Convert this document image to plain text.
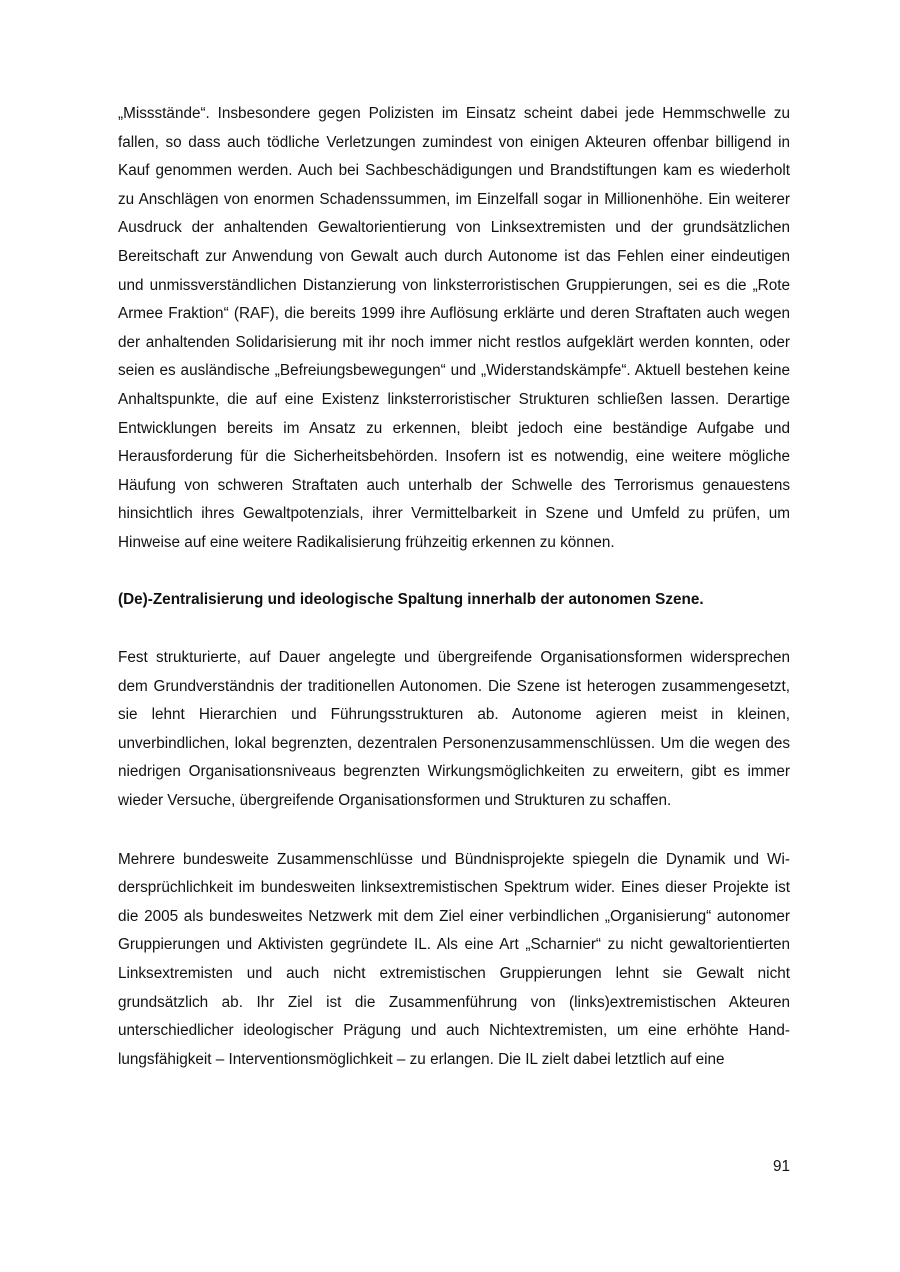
„Missstände“. Insbesondere gegen Polizisten im Einsatz scheint dabei jede Hemmschwelle zu fallen, so dass auch tödliche Verletzungen zumindest von einigen Akteuren offenbar billigend in Kauf genommen werden. Auch bei Sachbeschädigungen und Brandstiftungen kam es wiederholt zu Anschlägen von enormen Schadenssummen, im Einzelfall sogar in Millionenhöhe. Ein weiterer Ausdruck der anhaltenden Gewaltorientierung von Linksextremisten und der grundsätzlichen Bereitschaft zur Anwendung von Gewalt auch durch Autonome ist das Fehlen einer eindeutigen und unmissverständlichen Distanzierung von linksterroristischen Gruppierungen, sei es die „Rote Armee Fraktion“ (RAF), die bereits 1999 ihre Auflösung erklärte und deren Straftaten auch wegen der anhaltenden Solidarisierung mit ihr noch immer nicht restlos aufgeklärt werden konnten, oder seien es ausländische „Befreiungsbewegungen“ und „Widerstandskämpfe“. Aktuell bestehen keine Anhaltspunkte, die auf eine Existenz linksterroristischer Strukturen schließen lassen. Derartige Entwicklungen bereits im Ansatz zu erkennen, bleibt jedoch eine beständige Aufgabe und Herausforderung für die Sicherheitsbehörden. Insofern ist es notwendig, eine weitere mögliche Häufung von schweren Straftaten auch unterhalb der Schwelle des Terrorismus genauestens hinsichtlich ihres Gewaltpotenzials, ihrer Vermittelbarkeit in Szene und Umfeld zu prüfen, um Hinweise auf eine weitere Radikalisierung frühzeitig erkennen zu können.

(De)-Zentralisierung und ideologische Spaltung innerhalb der autonomen Szene.

Fest strukturierte, auf Dauer angelegte und übergreifende Organisationsformen widersprechen dem Grundverständnis der traditionellen Autonomen. Die Szene ist heterogen zusammengesetzt, sie lehnt Hierarchien und Führungsstrukturen ab. Autonome agieren meist in kleinen, unverbindlichen, lokal begrenzten, dezentralen Personenzusammenschlüssen. Um die wegen des niedrigen Organisationsniveaus begrenzten Wirkungsmöglichkeiten zu erweitern, gibt es immer wieder Versuche, übergreifende Organisationsformen und Strukturen zu schaffen.

Mehrere bundesweite Zusammenschlüsse und Bündnisprojekte spiegeln die Dynamik und Widersprüchlichkeit im bundesweiten linksextremistischen Spektrum wider. Eines dieser Projekte ist die 2005 als bundesweites Netzwerk mit dem Ziel einer verbindlichen „Organisierung“ autonomer Gruppierungen und Aktivisten gegründete IL. Als eine Art „Scharnier“ zu nicht gewaltorientierten Linksextremisten und auch nicht extremistischen Gruppierungen lehnt sie Gewalt nicht grundsätzlich ab. Ihr Ziel ist die Zusammenführung von (links)extremistischen Akteuren unterschiedlicher ideologischer Prägung und auch Nichtextremisten, um eine erhöhte Handlungsfähigkeit – Interventionsmöglichkeit – zu erlangen. Die IL zielt dabei letztlich auf eine

91
